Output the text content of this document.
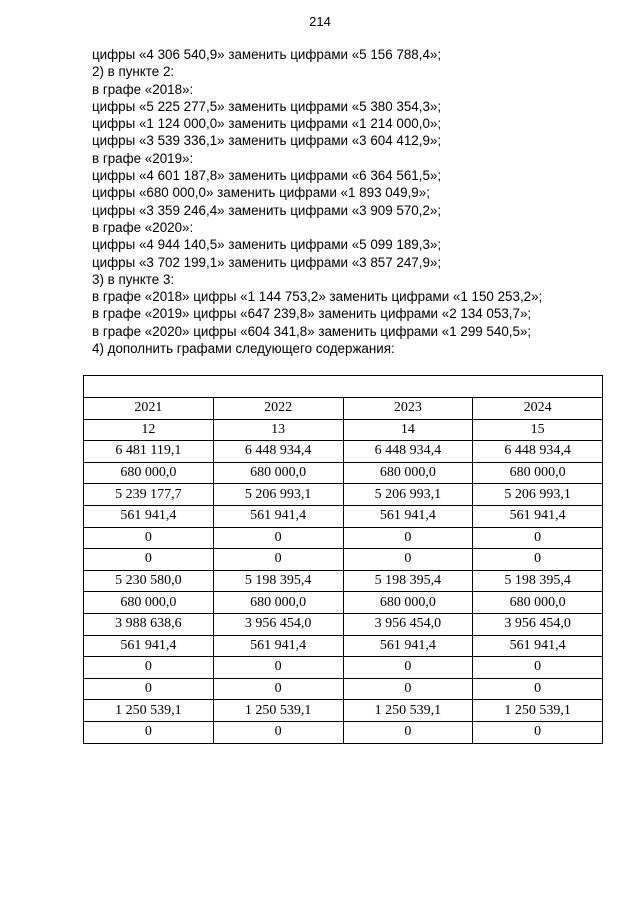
214
цифры «4 306 540,9» заменить цифрами «5 156 788,4»;
2) в пункте 2:
в графе «2018»:
цифры «5 225 277,5» заменить цифрами «5 380 354,3»;
цифры «1 124 000,0» заменить цифрами «1 214 000,0»;
цифры «3 539 336,1» заменить цифрами «3 604 412,9»;
в графе «2019»:
цифры «4 601 187,8» заменить цифрами «6 364 561,5»;
цифры «680 000,0» заменить цифрами «1 893 049,9»;
цифры «3 359 246,4» заменить цифрами «3 909 570,2»;
в графе «2020»:
цифры «4 944 140,5» заменить цифрами «5 099 189,3»;
цифры «3 702 199,1» заменить цифрами «3 857 247,9»;
3) в пункте 3:
в графе «2018» цифры «1 144 753,2» заменить цифрами «1 150 253,2»;
в графе «2019» цифры «647 239,8» заменить цифрами «2 134 053,7»;
в графе «2020» цифры «604 341,8» заменить цифрами «1 299 540,5»;
4) дополнить графами следующего содержания:

2021	2022	2023	2024
12	13	14	15
6 481 119,1	6 448 934,4	6 448 934,4	6 448 934,4
680 000,0	680 000,0	680 000,0	680 000,0
5 239 177,7	5 206 993,1	5 206 993,1	5 206 993,1
561 941,4	561 941,4	561 941,4	561 941,4
0	0	0	0
0	0	0	0
5 230 580,0	5 198 395,4	5 198 395,4	5 198 395,4
680 000,0	680 000,0	680 000,0	680 000,0
3 988 638,6	3 956 454,0	3 956 454,0	3 956 454,0
561 941,4	561 941,4	561 941,4	561 941,4
0	0	0	0
0	0	0	0
1 250 539,1	1 250 539,1	1 250 539,1	1 250 539,1
0	0	0	0
